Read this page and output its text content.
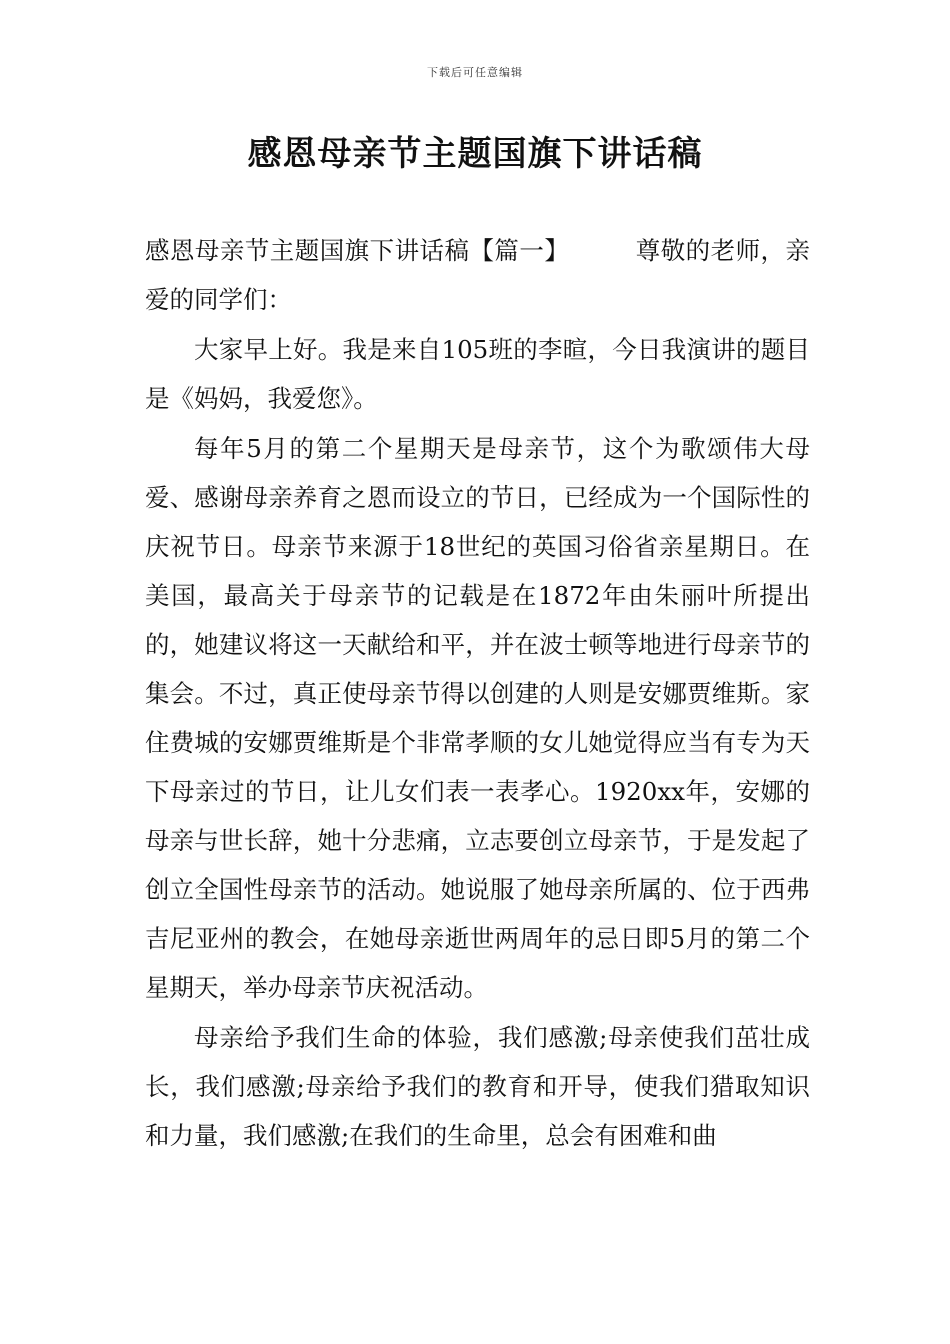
下载后可任意编辑
感恩母亲节主题国旗下讲话稿

感恩母亲节主题国旗下讲话稿【篇一】	尊敬的老师，亲爱的同学们：

大家早上好。我是来自105班的李暄，今日我演讲的题目是《妈妈，我爱您》。

每年5月的第二个星期天是母亲节，这个为歌颂伟大母爱、感谢母亲养育之恩而设立的节日，已经成为一个国际性的庆祝节日。母亲节来源于18世纪的英国习俗省亲星期日。在美国，最高关于母亲节的记载是在1872年由朱丽叶所提出的，她建议将这一天献给和平，并在波士顿等地进行母亲节的集会。不过，真正使母亲节得以创建的人则是安娜贾维斯。家住费城的安娜贾维斯是个非常孝顺的女儿她觉得应当有专为天下母亲过的节日，让儿女们表一表孝心。1920xx年，安娜的母亲与世长辞，她十分悲痛，立志要创立母亲节，于是发起了创立全国性母亲节的活动。她说服了她母亲所属的、位于西弗吉尼亚州的教会，在她母亲逝世两周年的忌日即5月的第二个星期天，举办母亲节庆祝活动。

母亲给予我们生命的体验，我们感激;母亲使我们茁壮成长，我们感激;母亲给予我们的教育和开导，使我们猎取知识和力量，我们感激;在我们的生命里，总会有困难和曲
